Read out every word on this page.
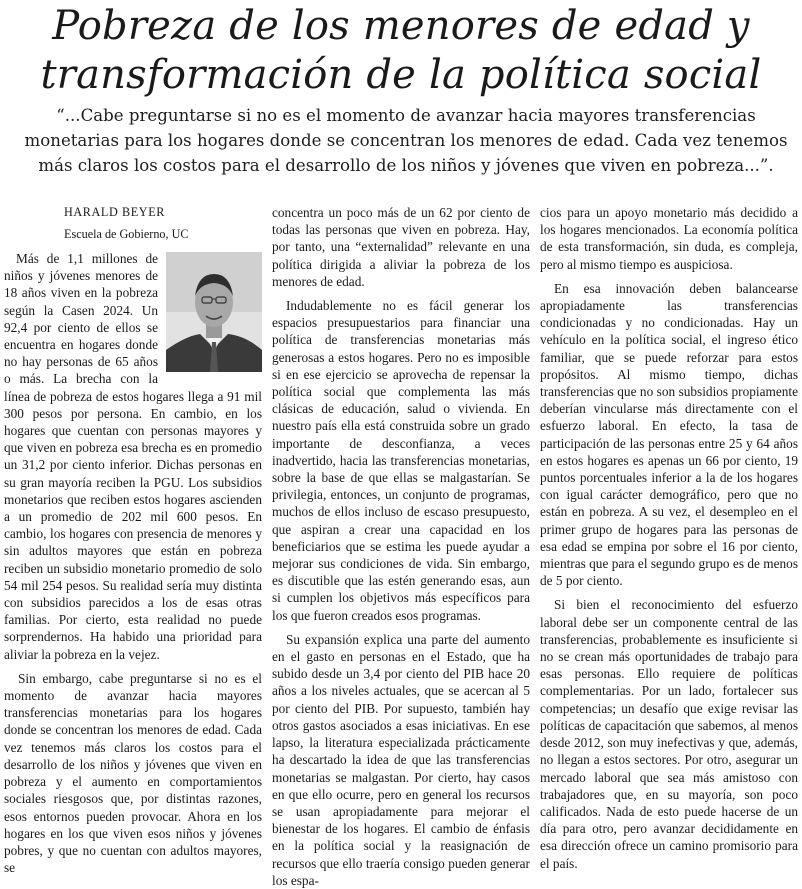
Pobreza de los menores de edad y
transformación de la política social
“...Cabe preguntarse si no es el momento de avanzar hacia mayores transferencias monetarias para los hogares donde se concentran los menores de edad. Cada vez tenemos más claros los costos para el desarrollo de los niños y jóvenes que viven en pobreza...”.
HARALD BEYER
Escuela de Gobierno, UC

Más de 1,1 millones de niños y jóvenes menores de 18 años viven en la pobreza según la Casen 2024. Un 92,4 por ciento de ellos se encuentra en hogares donde no hay personas de 65 años o más. La brecha con la línea de pobreza de estos hogares llega a 91 mil 300 pesos por persona. En cambio, en los hogares que cuentan con personas mayores y que viven en pobreza esa brecha es en promedio un 31,2 por ciento inferior. Dichas personas en su gran mayoría reciben la PGU. Los subsidios monetarios que reciben estos hogares ascienden a un promedio de 202 mil 600 pesos. En cambio, los hogares con presencia de menores y sin adultos mayores que están en pobreza reciben un subsidio monetario promedio de solo 54 mil 254 pesos. Su realidad sería muy distinta con subsidios parecidos a los de esas otras familias. Por cierto, esta realidad no puede sorprendernos. Ha habido una prioridad para aliviar la pobreza en la vejez.

Sin embargo, cabe preguntarse si no es el momento de avanzar hacia mayores transferencias monetarias para los hogares donde se concentran los menores de edad. Cada vez tenemos más claros los costos para el desarrollo de los niños y jóvenes que viven en pobreza y el aumento en comportamientos sociales riesgosos que, por distintas razones, esos entornos pueden provocar. Ahora en los hogares en los que viven esos niños y jóvenes pobres, y que no cuentan con adultos mayores, se

concentra un poco más de un 62 por ciento de todas las personas que viven en pobreza. Hay, por tanto, una “externalidad” relevante en una política dirigida a aliviar la pobreza de los menores de edad.

Indudablemente no es fácil generar los espacios presupuestarios para financiar una política de transferencias monetarias más generosas a estos hogares. Pero no es imposible si en ese ejercicio se aprovecha de repensar la política social que complementa las más clásicas de educación, salud o vivienda. En nuestro país ella está construida sobre un grado importante de desconfianza, a veces inadvertido, hacia las transferencias monetarias, sobre la base de que ellas se malgastarían. Se privilegia, entonces, un conjunto de programas, muchos de ellos incluso de escaso presupuesto, que aspiran a crear una capacidad en los beneficiarios que se estima les puede ayudar a mejorar sus condiciones de vida. Sin embargo, es discutible que las estén generando esas, aun si cumplen los objetivos más específicos para los que fueron creados esos programas.

Su expansión explica una parte del aumento en el gasto en personas en el Estado, que ha subido desde un 3,4 por ciento del PIB hace 20 años a los niveles actuales, que se acercan al 5 por ciento del PIB. Por supuesto, también hay otros gastos asociados a esas iniciativas. En ese lapso, la literatura especializada prácticamente ha descartado la idea de que las transferencias monetarias se malgastan. Por cierto, hay casos en que ello ocurre, pero en general los recursos se usan apropiadamente para mejorar el bienestar de los hogares. El cambio de énfasis en la política social y la reasignación de recursos que ello traería consigo pueden generar los espa-

cios para un apoyo monetario más decidido a los hogares mencionados. La economía política de esta transformación, sin duda, es compleja, pero al mismo tiempo es auspiciosa.

En esa innovación deben balancearse apropiadamente las transferencias condicionadas y no condicionadas. Hay un vehículo en la política social, el ingreso ético familiar, que se puede reforzar para estos propósitos. Al mismo tiempo, dichas transferencias que no son subsidios propiamente deberían vincularse más directamente con el esfuerzo laboral. En efecto, la tasa de participación de las personas entre 25 y 64 años en estos hogares es apenas un 66 por ciento, 19 puntos porcentuales inferior a la de los hogares con igual carácter demográfico, pero que no están en pobreza. A su vez, el desempleo en el primer grupo de hogares para las personas de esa edad se empina por sobre el 16 por ciento, mientras que para el segundo grupo es de menos de 5 por ciento.

Si bien el reconocimiento del esfuerzo laboral debe ser un componente central de las transferencias, probablemente es insuficiente si no se crean más oportunidades de trabajo para esas personas. Ello requiere de políticas complementarias. Por un lado, fortalecer sus competencias; un desafío que exige revisar las políticas de capacitación que sabemos, al menos desde 2012, son muy inefectivas y que, además, no llegan a estos sectores. Por otro, asegurar un mercado laboral que sea más amistoso con trabajadores que, en su mayoría, son poco calificados. Nada de esto puede hacerse de un día para otro, pero avanzar decididamente en esa dirección ofrece un camino promisorio para el país.
